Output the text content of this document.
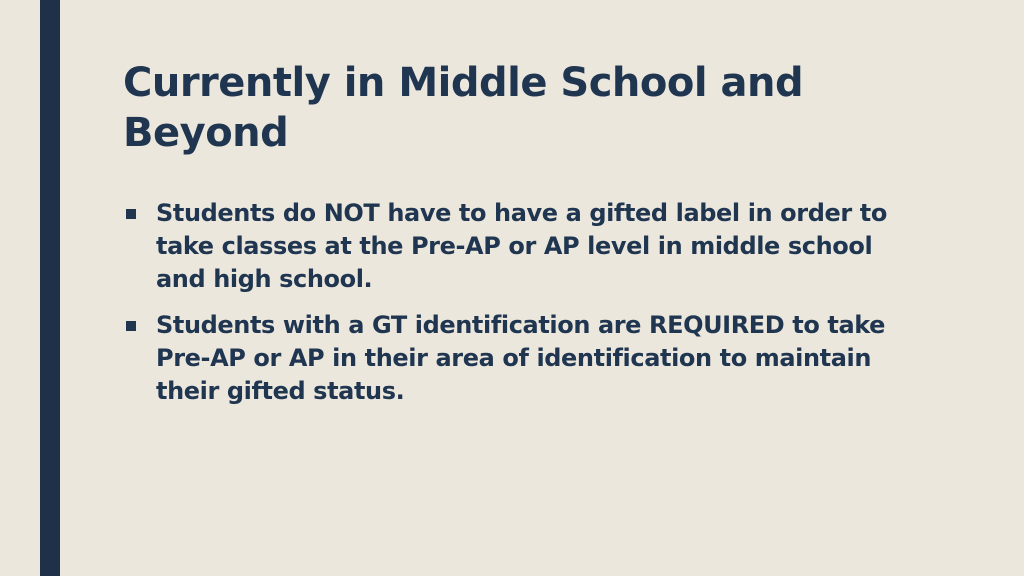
Currently in Middle School and Beyond
Students do NOT have to have a gifted label in order to take classes at the Pre-AP or AP level in middle school and high school.
Students with a GT identification are REQUIRED to take Pre-AP or AP in their area of identification to maintain their gifted status.
